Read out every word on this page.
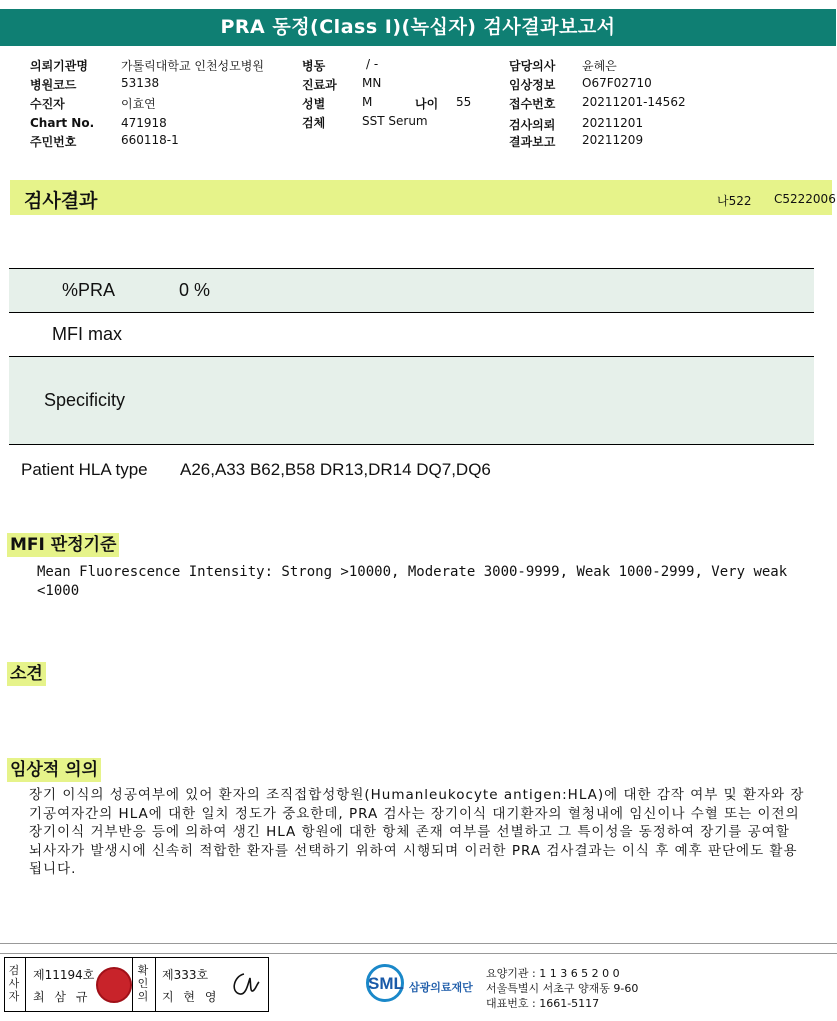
PRA 동정(Class I)(녹십자) 검사결과보고서
의뢰기관명	가톨릭대학교 인천성모병원
병원코드	53138
수진자	이효연
Chart No. 471918
주민번호	660118-1
병동	/ -
진료과 MN
성별	M	나이 55
검체	SST Serum
담당의사 윤혜은
임상정보 O67F02710
접수번호 20211201-14562
검사의뢰 20211201
결과보고 20211209
검사결과	나522 C5222006
%PRA	0 %
MFI max
Specificity
Patient HLA type A26,A33 B62,B58 DR13,DR14 DQ7,DQ6
MFI 판정기준
Mean Fluorescence Intensity: Strong >10000, Moderate 3000-9999, Weak 1000-2999, Very weak <1000
소견
임상적 의의
장기 이식의 성공여부에 있어 환자의 조직접합성항원(Humanleukocyte antigen:HLA)에 대한 감작 여부 및 환자와 장기공여자간의 HLA에 대한 일치 정도가 중요한데, PRA 검사는 장기이식 대기환자의 혈청내에 임신이나 수혈 또는 이전의 장기이식 거부반응 등에 의하여 생긴 HLA 항원에 대한 항체 존재 여부를 선별하고 그 특이성을 동정하여 장기를 공여할 뇌사자가 발생시에 신속히 적합한 환자를 선택하기 위하여 시행되며 이러한 PRA 검사결과는 이식 후 예후 판단에도 활용됩니다.
검사자
제11194호
최 삼 규
확인의
제333호
지 현 영
SML 삼광의료재단
요양기관 : 1 1 3 6 5 2 0 0
서울특별시 서초구 양재동 9-60
대표번호 : 1661-5117
